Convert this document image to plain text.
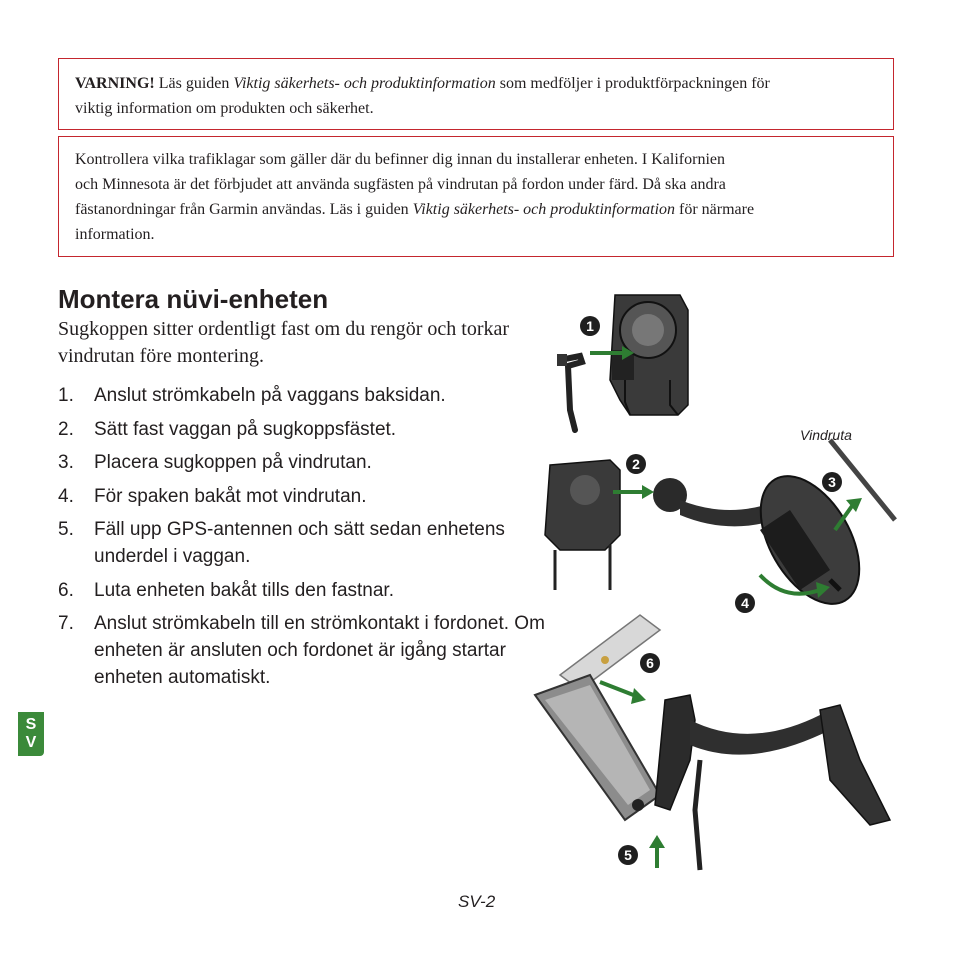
VARNING! Läs guiden Viktig säkerhets- och produktinformation som medföljer i produktförpackningen för
viktig information om produkten och säkerhet.
Kontrollera vilka trafiklagar som gäller där du befinner dig innan du installerar enheten. I Kalifornien
och Minnesota är det förbjudet att använda sugfästen på vindrutan på fordon under färd. Då ska andra
fästanordningar från Garmin användas. Läs i guiden Viktig säkerhets- och produktinformation för närmare
information.
Montera nüvi-enheten
Sugkoppen sitter ordentligt fast om du rengör och torkar vindrutan före montering.
1. Anslut strömkabeln på vaggans baksidan.
2. Sätt fast vaggan på sugkoppsfästet.
3. Placera sugkoppen på vindrutan.
4. För spaken bakåt mot vindrutan.
5. Fäll upp GPS-antennen och sätt sedan enhetens underdel i vaggan.
6. Luta enheten bakåt tills den fastnar.
7. Anslut strömkabeln till en strömkontakt i fordonet. Om enheten är ansluten och fordonet är igång startar enheten automatiskt.
1
2
Vindruta
3
4
6
5
S
V
SV-2
